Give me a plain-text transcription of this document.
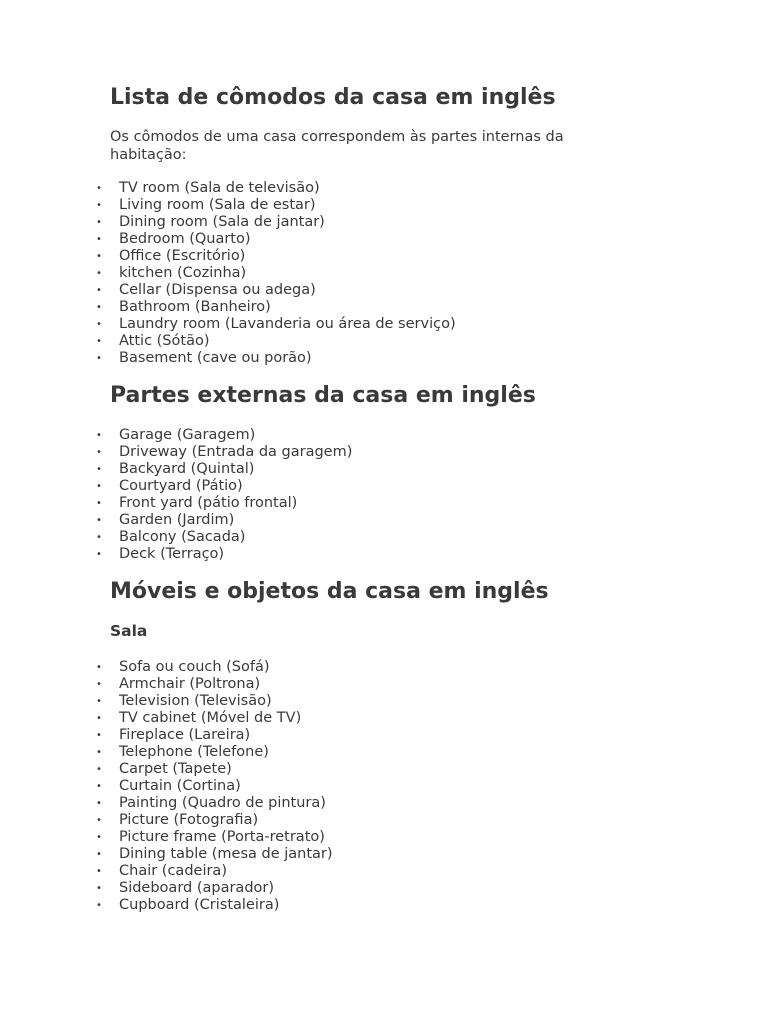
Lista de cômodos da casa em inglês

Os cômodos de uma casa correspondem às partes internas da habitação:

• TV room (Sala de televisão)
• Living room (Sala de estar)
• Dining room (Sala de jantar)
• Bedroom (Quarto)
• Office (Escritório)
• kitchen (Cozinha)
• Cellar (Dispensa ou adega)
• Bathroom (Banheiro)
• Laundry room (Lavanderia ou área de serviço)
• Attic (Sótão)
• Basement (cave ou porão)
Partes externas da casa em inglês
• Garage (Garagem)
• Driveway (Entrada da garagem)
• Backyard (Quintal)
• Courtyard (Pátio)
• Front yard (pátio frontal)
• Garden (Jardim)
• Balcony (Sacada)
• Deck (Terraço)
Móveis e objetos da casa em inglês
Sala
• Sofa ou couch (Sofá)
• Armchair (Poltrona)
• Television (Televisão)
• TV cabinet (Móvel de TV)
• Fireplace (Lareira)
• Telephone (Telefone)
• Carpet (Tapete)
• Curtain (Cortina)
• Painting (Quadro de pintura)
• Picture (Fotografia)
• Picture frame (Porta-retrato)
• Dining table (mesa de jantar)
• Chair (cadeira)
• Sideboard (aparador)
• Cupboard (Cristaleira)
